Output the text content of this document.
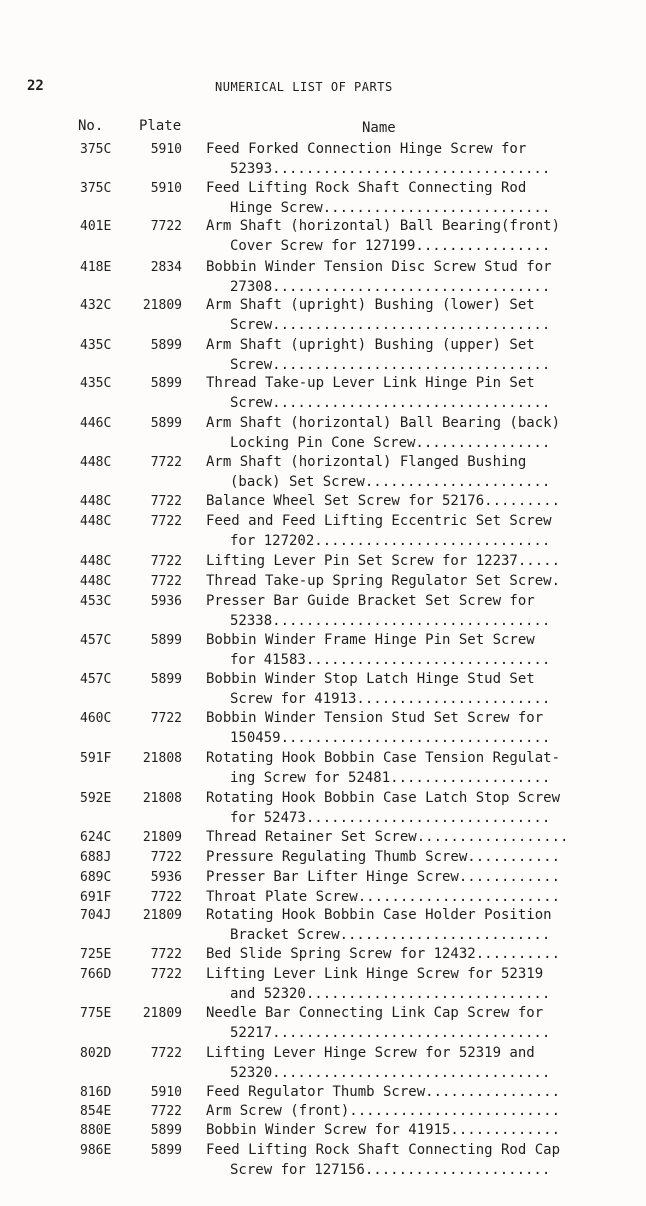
22	NUMERICAL LIST OF PARTS
No.	Plate	Name
375C	5910 Feed Forked Connection Hinge Screw for
52393.................................
375C	5910 Feed Lifting Rock Shaft Connecting Rod
Hinge Screw...........................
401E	7722 Arm Shaft (horizontal) Ball Bearing(front)
Cover Screw for 127199................
418E	2834 Bobbin Winder Tension Disc Screw Stud for
27308.................................
432C	21809 Arm Shaft (upright) Bushing (lower) Set
Screw.................................
435C	5899 Arm Shaft (upright) Bushing (upper) Set
Screw.................................
435C	5899 Thread Take-up Lever Link Hinge Pin Set
Screw.................................
446C	5899 Arm Shaft (horizontal) Ball Bearing (back)
Locking Pin Cone Screw................
448C	7722 Arm Shaft (horizontal) Flanged Bushing
(back) Set Screw......................
448C	7722 Balance Wheel Set Screw for 52176.........
448C	7722 Feed and Feed Lifting Eccentric Set Screw
for 127202............................
448C	7722 Lifting Lever Pin Set Screw for 12237.....
448C	7722 Thread Take-up Spring Regulator Set Screw.
453C	5936 Presser Bar Guide Bracket Set Screw for
52338.................................
457C	5899 Bobbin Winder Frame Hinge Pin Set Screw
for 41583.............................
457C	5899 Bobbin Winder Stop Latch Hinge Stud Set
Screw for 41913.......................
460C	7722 Bobbin Winder Tension Stud Set Screw for
150459................................
591F	21808 Rotating Hook Bobbin Case Tension Regulat-
ing Screw for 52481...................
592E	21808 Rotating Hook Bobbin Case Latch Stop Screw
for 52473.............................
624C	21809 Thread Retainer Set Screw..................
688J	7722 Pressure Regulating Thumb Screw...........
689C	5936 Presser Bar Lifter Hinge Screw............
691F	7722 Throat Plate Screw........................
704J	21809 Rotating Hook Bobbin Case Holder Position
Bracket Screw.........................
725E	7722 Bed Slide Spring Screw for 12432..........
766D	7722 Lifting Lever Link Hinge Screw for 52319
and 52320.............................
775E	21809 Needle Bar Connecting Link Cap Screw for
52217.................................
802D	7722 Lifting Lever Hinge Screw for 52319 and
52320.................................
816D	5910 Feed Regulator Thumb Screw................
854E	7722 Arm Screw (front).........................
880E	5899 Bobbin Winder Screw for 41915.............
986E	5899 Feed Lifting Rock Shaft Connecting Rod Cap
Screw for 127156......................
